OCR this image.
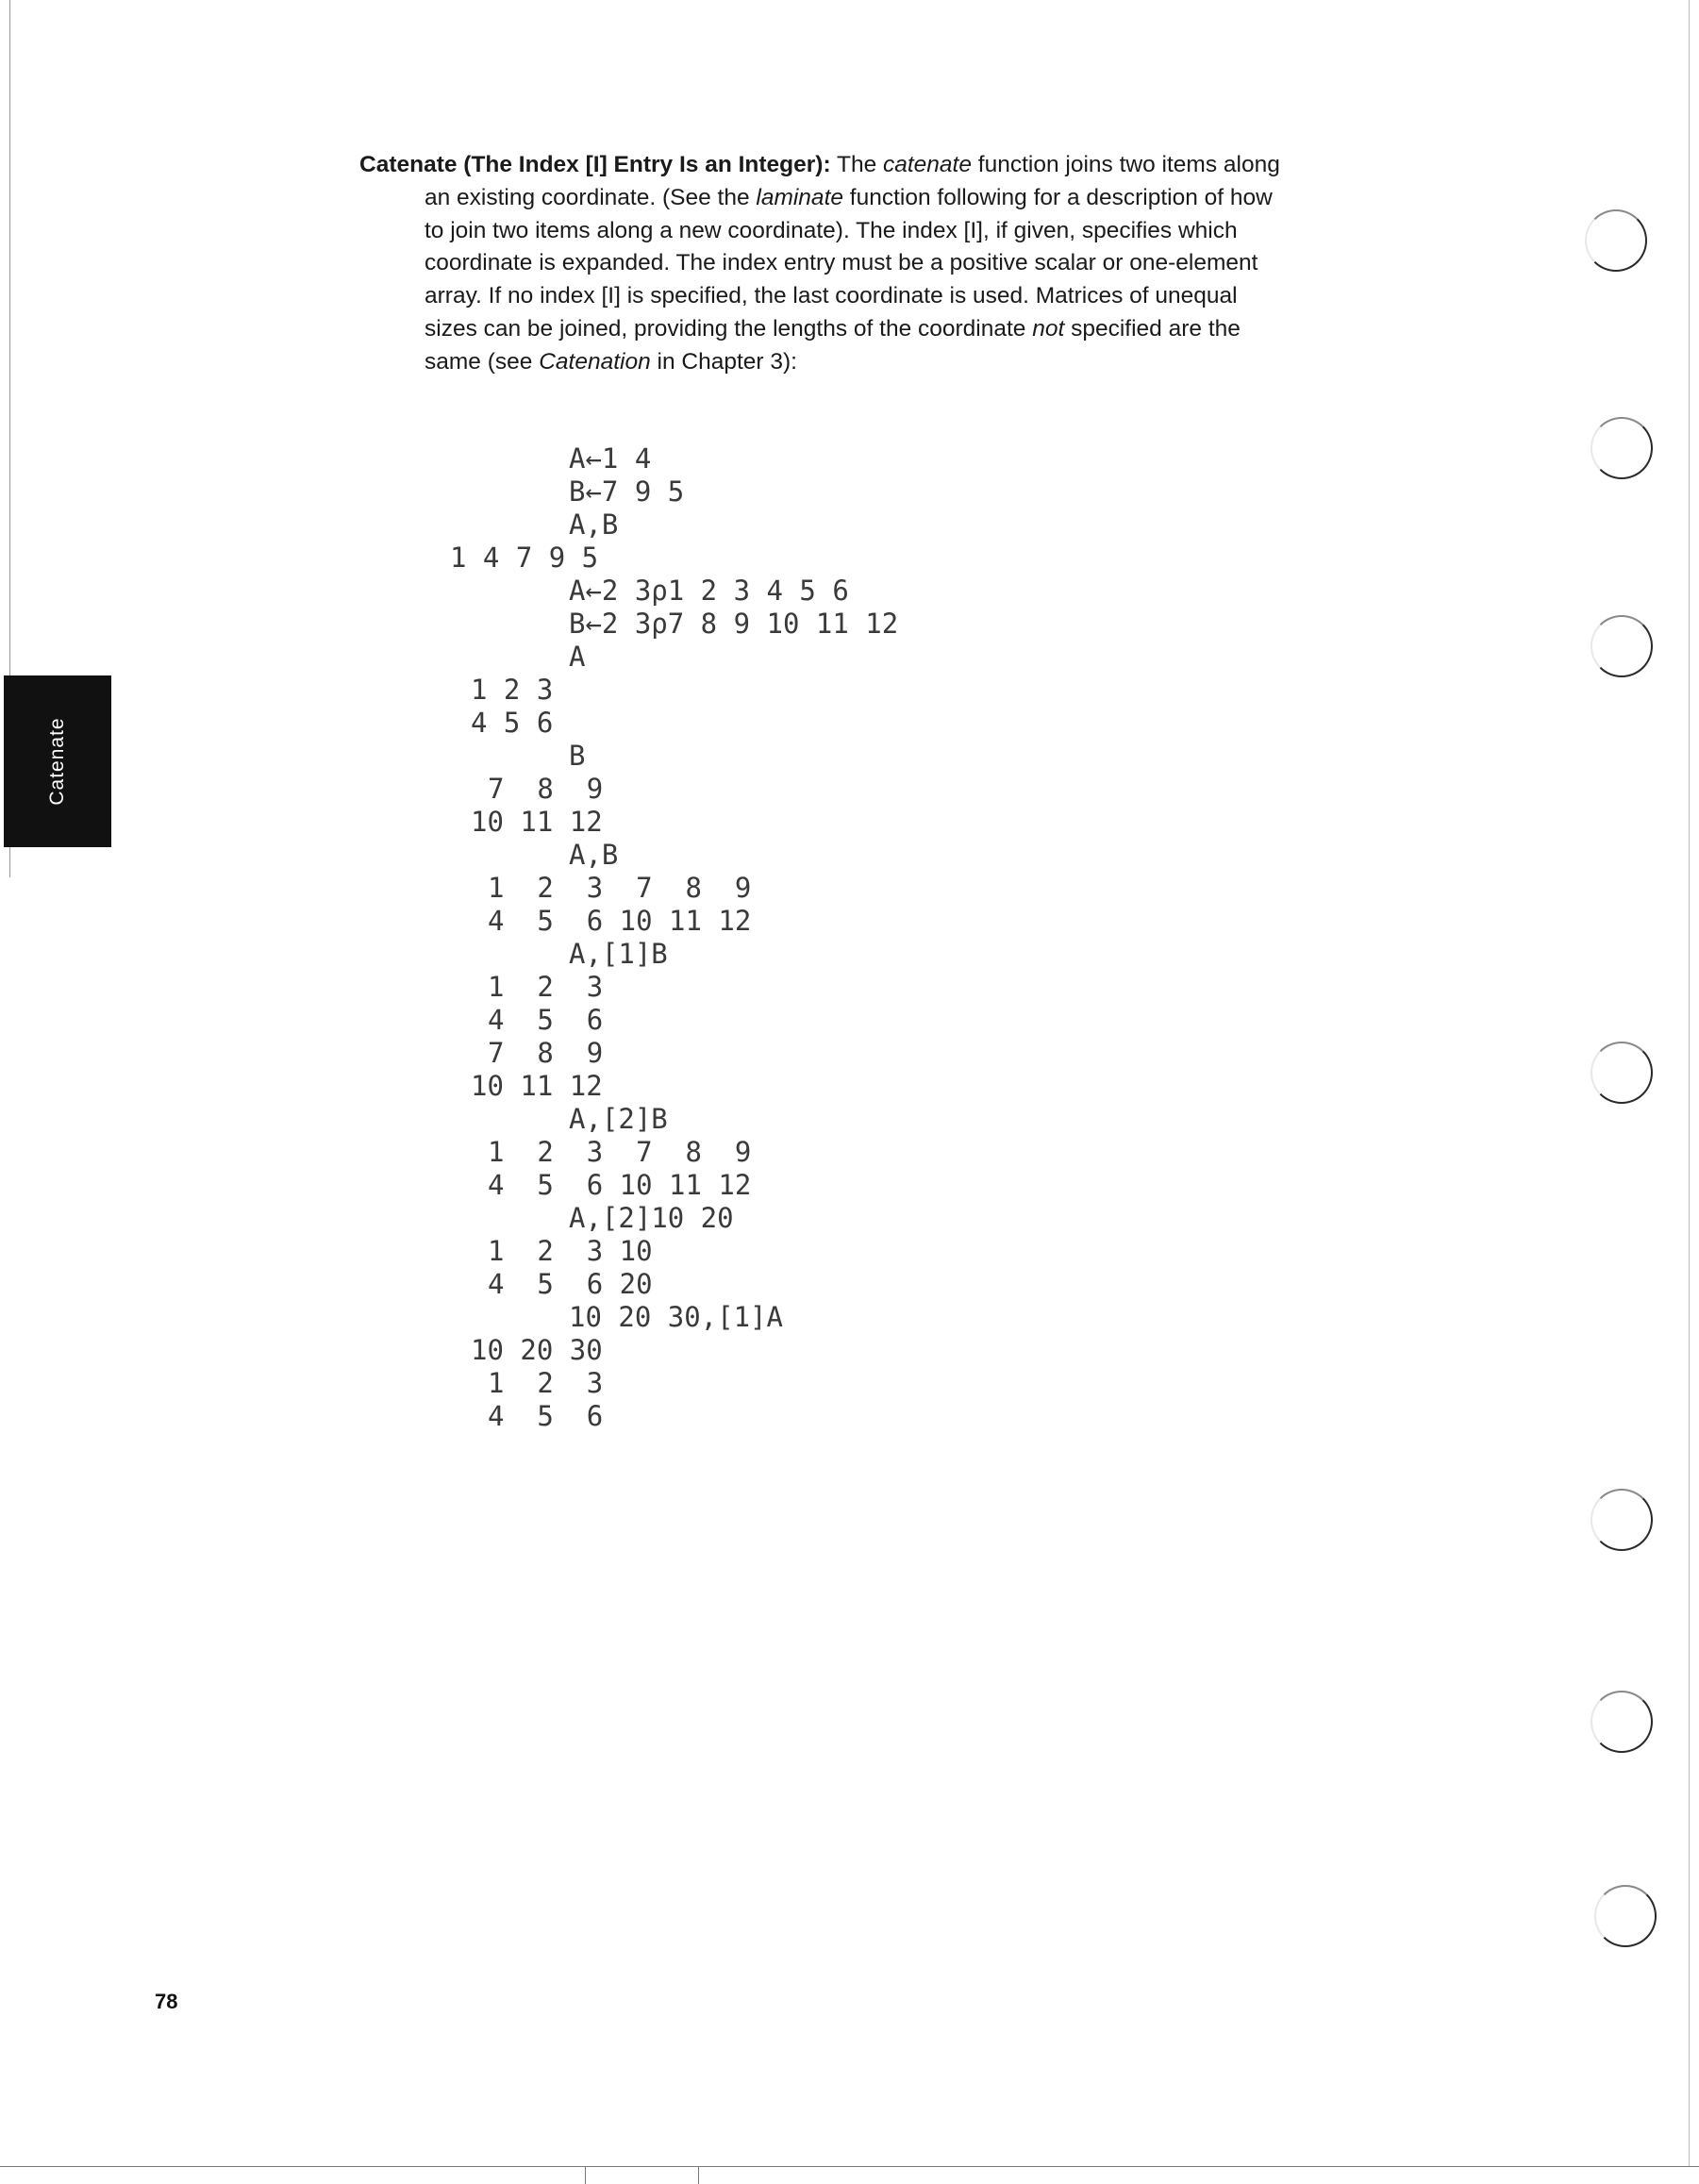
Catenate
Catenate (The Index [I] Entry Is an Integer): The catenate function joins two items along
an existing coordinate. (See the laminate function following for a description of how
to join two items along a new coordinate). The index [I], if given, specifies which
coordinate is expanded. The index entry must be a positive scalar or one-element
array. If no index [I] is specified, the last coordinate is used. Matrices of unequal
sizes can be joined, providing the lengths of the coordinate not specified are the
same (see Catenation in Chapter 3):
A←1 4
B←7 9 5
A,B
1 4 7 9 5
A←2 3ρ1 2 3 4 5 6
B←2 3ρ7 8 9 10 11 12
A
1 2 3
4 5 6
B
7  8  9
10 11 12
A,B
1  2  3  7  8  9
4  5  6 10 11 12
A,[1]B
1  2  3
4  5  6
7  8  9
10 11 12
A,[2]B
1  2  3  7  8  9
4  5  6 10 11 12
A,[2]10 20
1  2  3 10
4  5  6 20
10 20 30,[1]A
10 20 30
1  2  3
4  5  6
78
